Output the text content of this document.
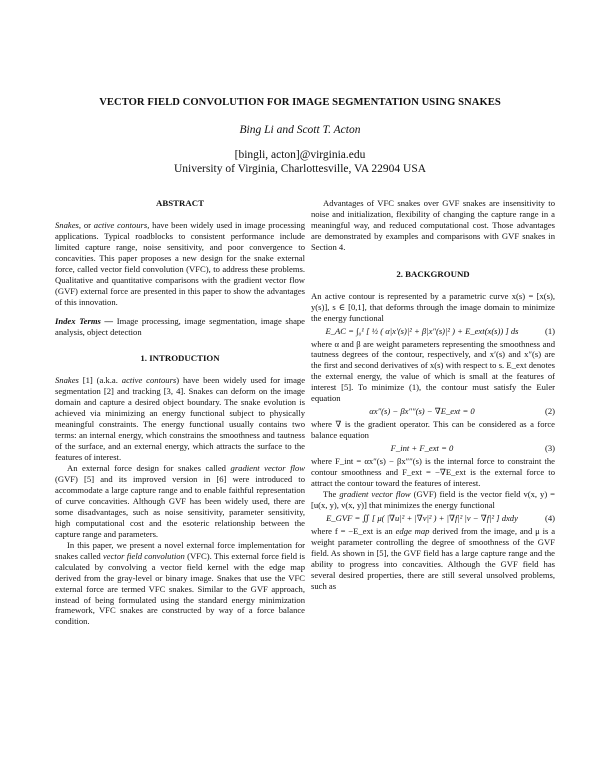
VECTOR FIELD CONVOLUTION FOR IMAGE SEGMENTATION USING SNAKES
Bing Li and Scott T. Acton
[bingli, acton]@virginia.edu
University of Virginia, Charlottesville, VA 22904 USA

ABSTRACT

Snakes, or active contours, have been widely used in image processing applications. Typical roadblocks to consistent performance include limited capture range, noise sensitivity, and poor convergence to concavities. This paper proposes a new design for the snake external force, called vector field convolution (VFC), to address these problems. Qualitative and quantitative comparisons with the gradient vector flow (GVF) external force are presented in this paper to show the advantages of this innovation.

Index Terms — Image processing, image segmentation, image shape analysis, object detection

1. INTRODUCTION

Snakes [1] (a.k.a. active contours) have been widely used for image segmentation [2] and tracking [3, 4]. Snakes can deform on the image domain and capture a desired object boundary. The snake evolution is achieved via minimizing an energy functional subject to physically meaningful constraints. The energy functional usually contains two terms: an internal energy, which constrains the smoothness and tautness of the surface, and an external energy, which attracts the surface to the features of interest.

An external force design for snakes called gradient vector flow (GVF) [5] and its improved version in [6] were introduced to accommodate a large capture range and to enable faithful representation of curve concavities. Although GVF has been widely used, there are some disadvantages, such as noise sensitivity, parameter sensitivity, high computational cost and the esoteric relationship between the capture range and parameters.

In this paper, we present a novel external force implementation for snakes called vector field convolution (VFC). This external force field is calculated by convolving a vector field kernel with the edge map derived from the gray-level or binary image. Snakes that use the VFC external force are termed VFC snakes. Similar to the GVF approach, instead of being formulated using the standard energy minimization framework, VFC snakes are constructed by way of a force balance condition.

Advantages of VFC snakes over GVF snakes are insensitivity to noise and initialization, flexibility of changing the capture range in a meaningful way, and reduced computational cost. Those advantages are demonstrated by examples and comparisons with GVF snakes in Section 4.

2. BACKGROUND

An active contour is represented by a parametric curve x(s) = [x(s), y(s)], s ∈ [0,1], that deforms through the image domain to minimize the energy functional

E_AC = ∫₀¹ [ ½ ( α|x′(s)|² + β|x″(s)|² ) + E_ext(x(s)) ] ds	(1)

where α and β are weight parameters representing the smoothness and tautness degrees of the contour, respectively, and x′(s) and x″(s) are the first and second derivatives of x(s) with respect to s. E_ext denotes the external energy, the value of which is small at the features of interest [5]. To minimize (1), the contour must satisfy the Euler equation

αx″(s) − βx″″(s) − ∇E_ext = 0	(2)

where ∇ is the gradient operator. This can be considered as a force balance equation

F_int + F_ext = 0	(3)

where F_int = αx″(s) − βx″″(s) is the internal force to constraint the contour smoothness and F_ext = −∇E_ext is the external force to attract the contour toward the features of interest.

The gradient vector flow (GVF) field is the vector field v(x, y) = [u(x, y), v(x, y)] that minimizes the energy functional

E_GVF = ∬ [ μ( |∇u|² + |∇v|² ) + |∇f|² |v − ∇f|² ] dxdy	(4)

where f = −E_ext is an edge map derived from the image, and μ is a weight parameter controlling the degree of smoothness of the GVF field. As shown in [5], the GVF field has a large capture range and the ability to progress into concavities. Although the GVF field has several desired properties, there are still several unsolved problems, such as
